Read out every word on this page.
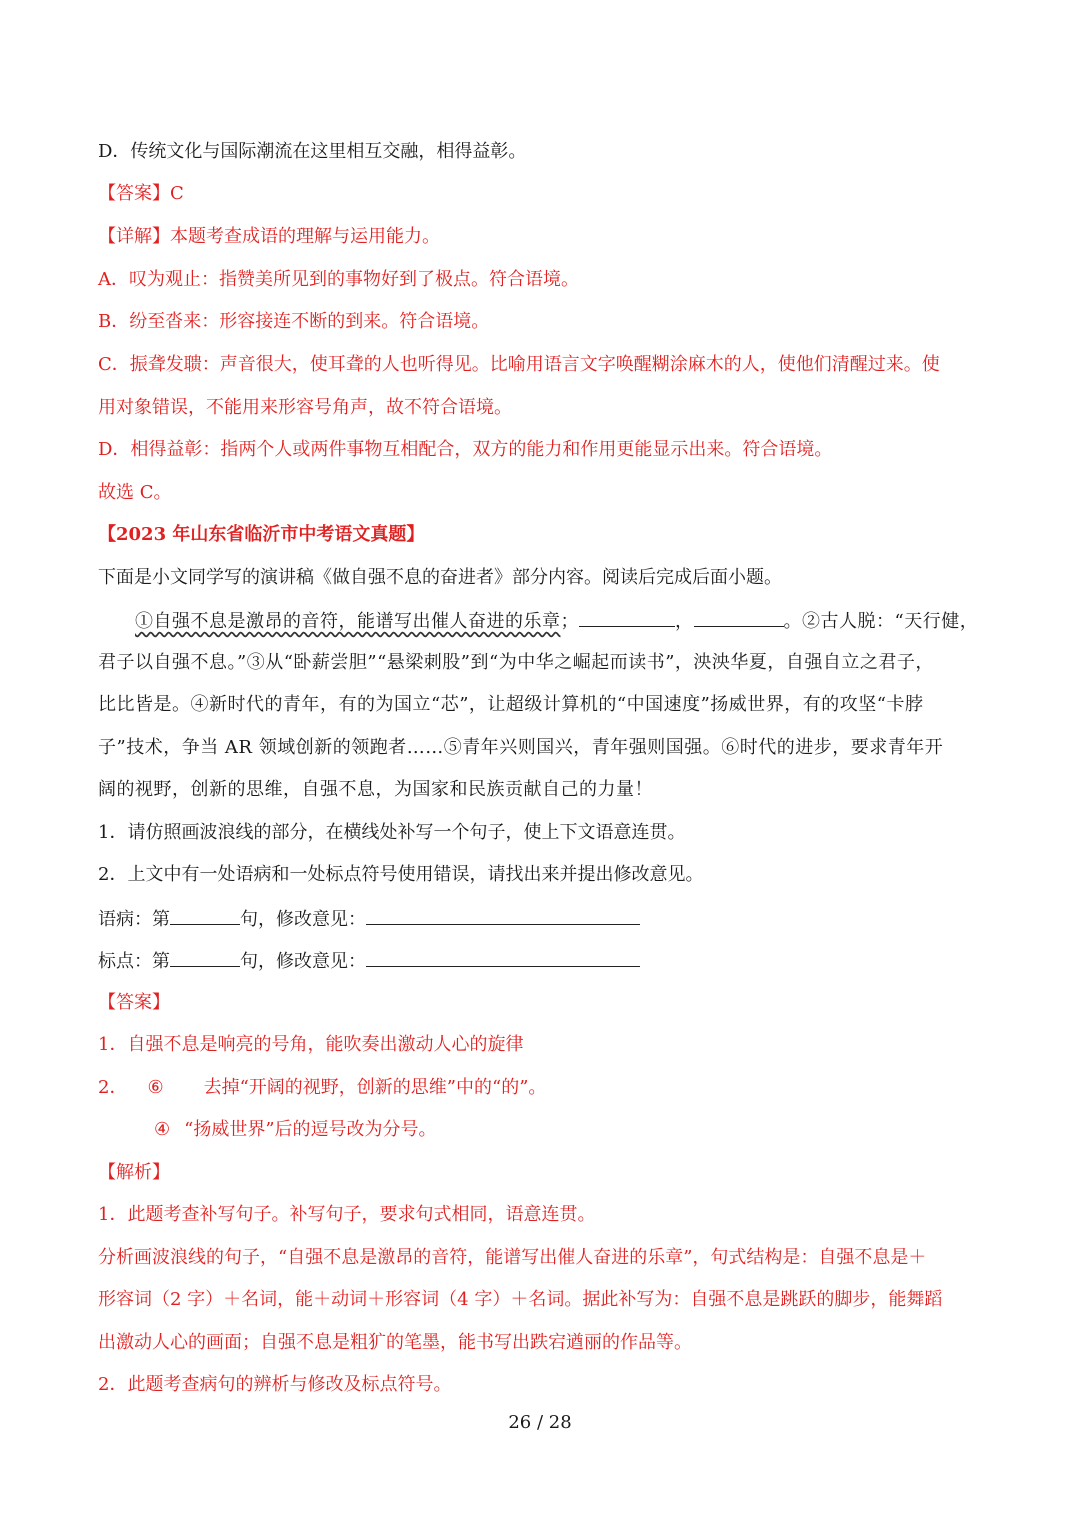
D．传统文化与国际潮流在这里相互交融，相得益彰。
【答案】C
【详解】本题考查成语的理解与运用能力。
A．叹为观止：指赞美所见到的事物好到了极点。符合语境。
B．纷至沓来：形容接连不断的到来。符合语境。
C．振聋发聩：声音很大，使耳聋的人也听得见。比喻用语言文字唤醒糊涂麻木的人，使他们清醒过来。使
用对象错误，不能用来形容号角声，故不符合语境。
D．相得益彰：指两个人或两件事物互相配合，双方的能力和作用更能显示出来。符合语境。
故选 C。
【2023 年山东省临沂市中考语文真题】
下面是小文同学写的演讲稿《做自强不息的奋进者》部分内容。阅读后完成后面小题。
①自强不息是激昂的音符，能谱写出催人奋进的乐章；	，	。②古人脱：“天行健，
君子以自强不息。”③从“卧薪尝胆”“悬梁刺股”到“为中华之崛起而读书”，泱泱华夏，自强自立之君子，
比比皆是。④新时代的青年，有的为国立“芯”，让超级计算机的“中国速度”扬威世界，有的攻坚“卡脖
子”技术，争当 AR 领域创新的领跑者……⑤青年兴则国兴，青年强则国强。⑥时代的进步，要求青年开
阔的视野，创新的思维，自强不息，为国家和民族贡献自己的力量！
1．请仿照画波浪线的部分，在横线处补写一个句子，使上下文语意连贯。
2．上文中有一处语病和一处标点符号使用错误，请找出来并提出修改意见。
语病：第	句，修改意见：
标点：第	句，修改意见：
【答案】
1．自强不息是响亮的号角，能吹奏出激动人心的旋律
2． ⑥ 去掉“开阔的视野，创新的思维”中的“的”。
④ “扬威世界”后的逗号改为分号。
【解析】
1．此题考查补写句子。补写句子，要求句式相同，语意连贯。
分析画波浪线的句子，“自强不息是激昂的音符，能谱写出催人奋进的乐章”，句式结构是：自强不息是＋
形容词（2 字）＋名词，能＋动词＋形容词（4 字）＋名词。据此补写为：自强不息是跳跃的脚步，能舞蹈
出激动人心的画面；自强不息是粗犷的笔墨，能书写出跌宕遒丽的作品等。
2．此题考查病句的辨析与修改及标点符号。
26 / 28
